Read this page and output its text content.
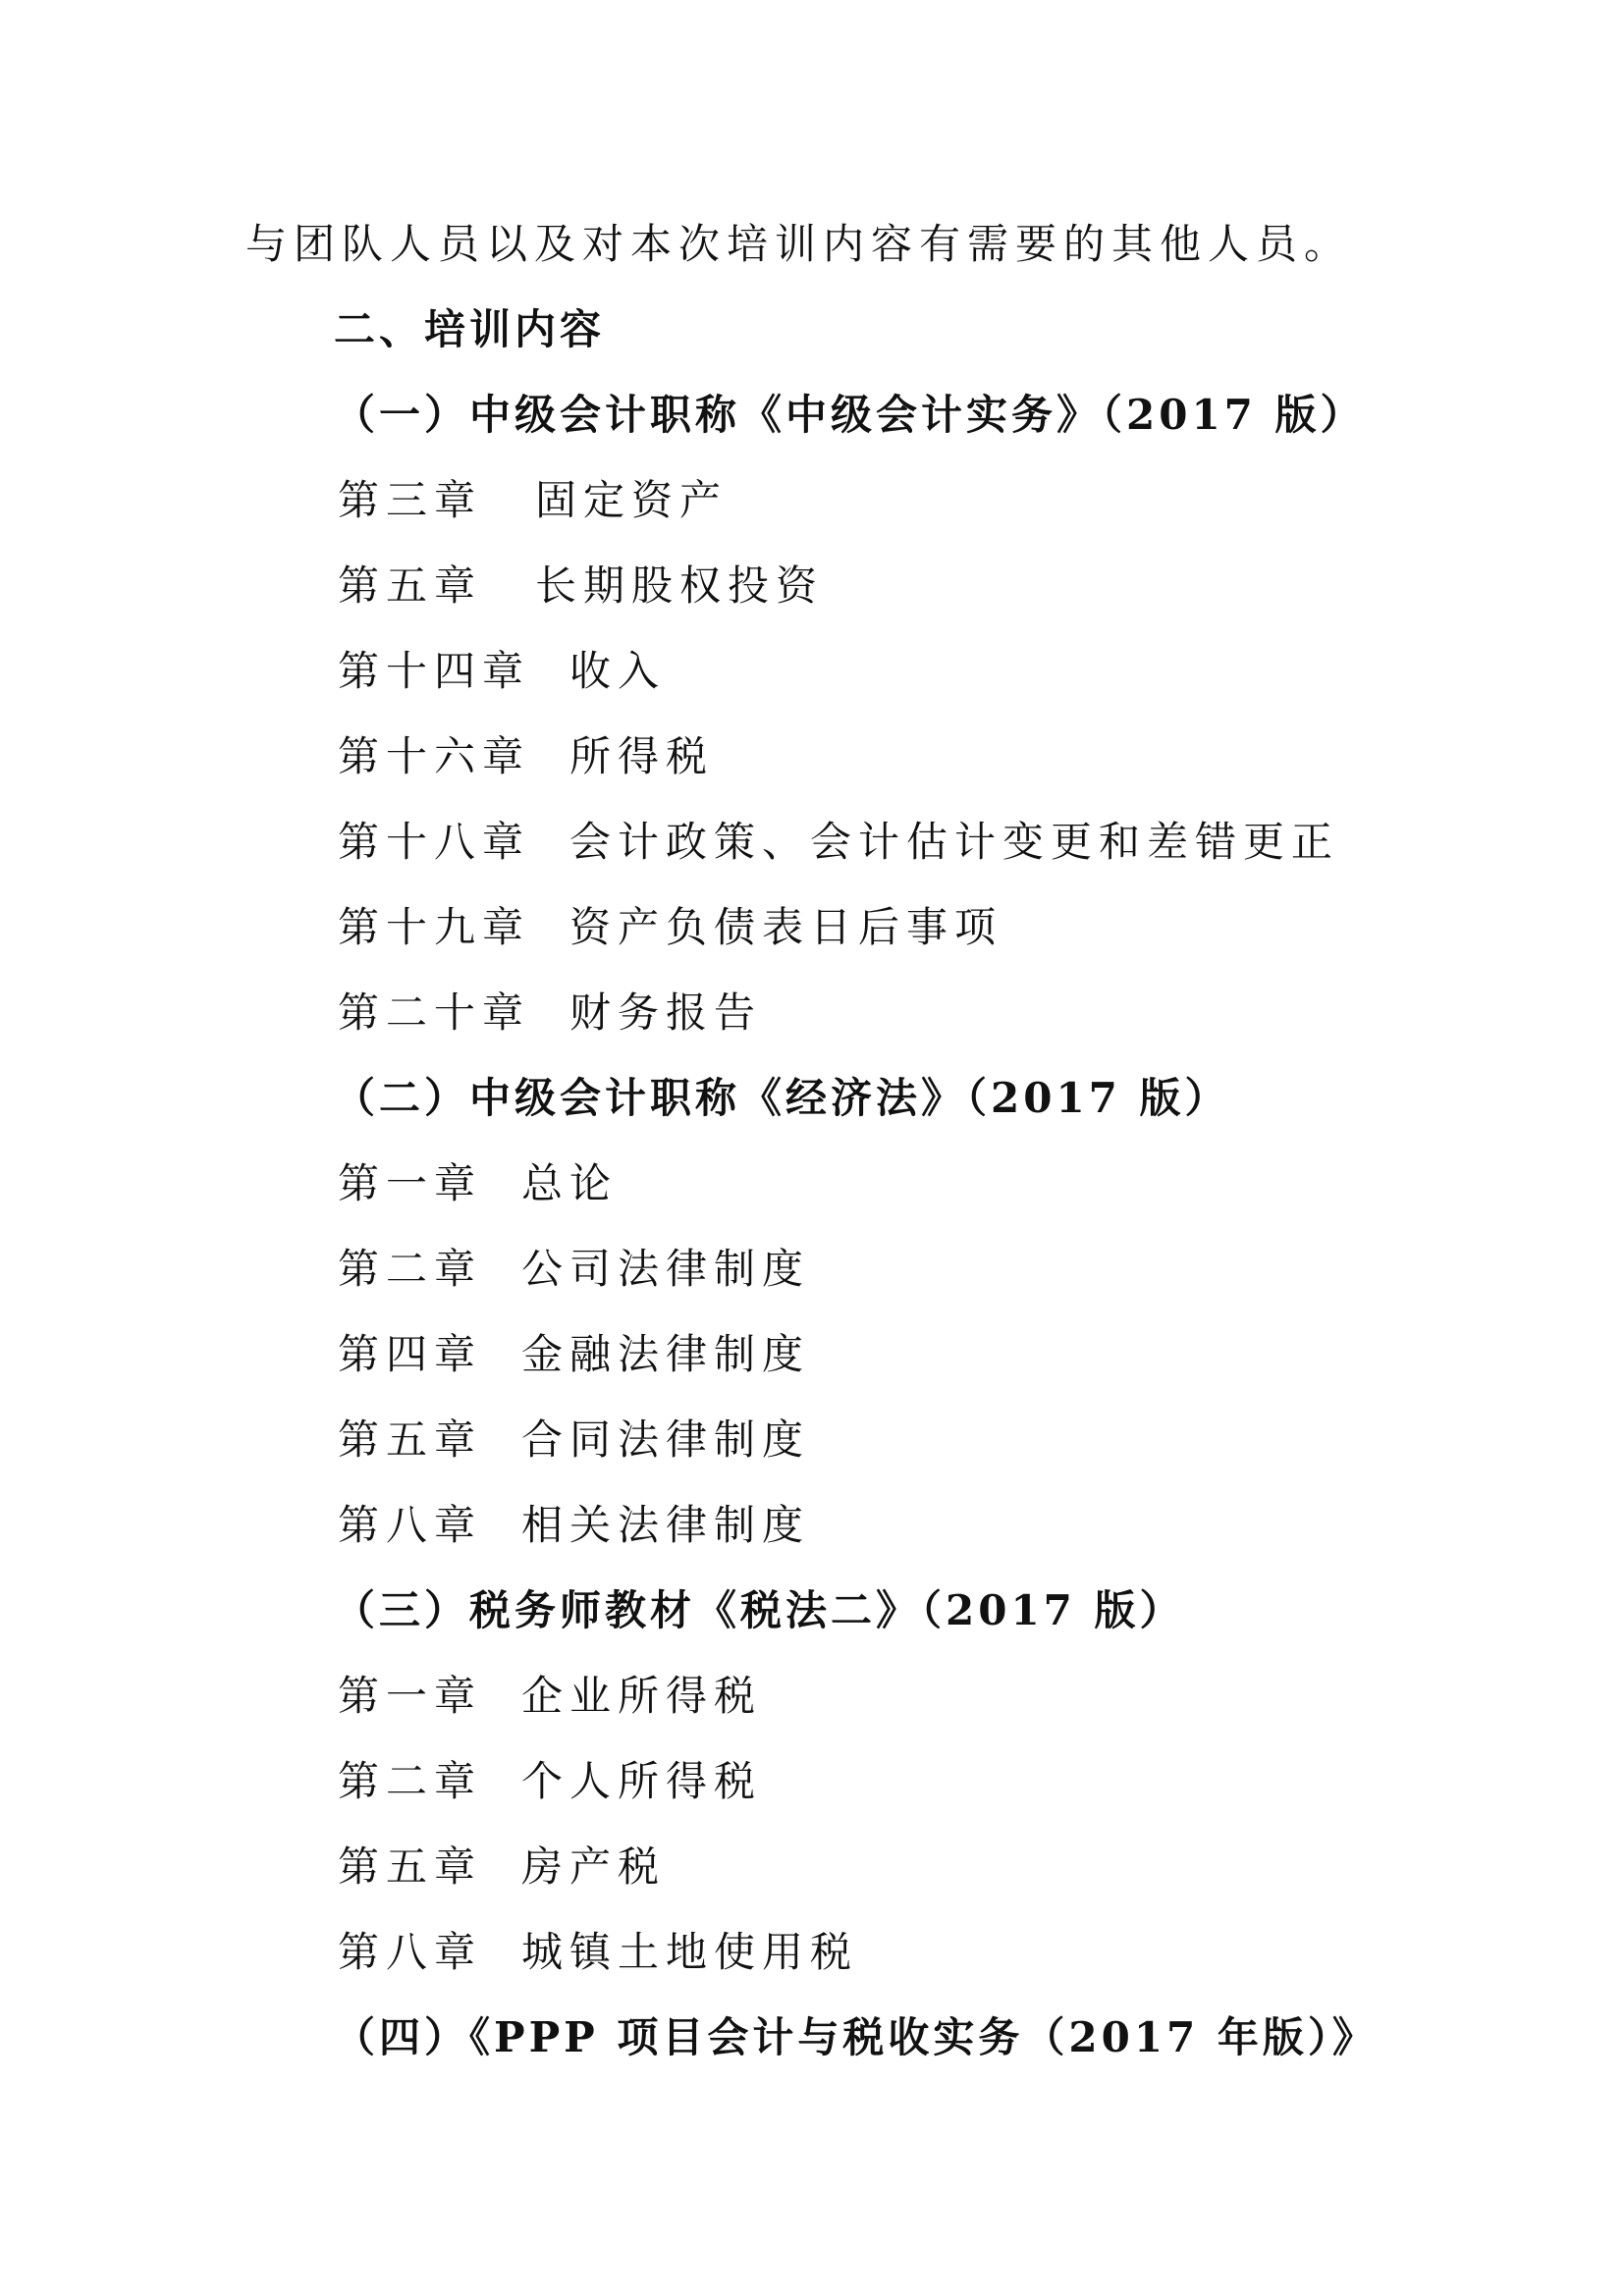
与团队人员以及对本次培训内容有需要的其他人员。
二、培训内容
（一）中级会计职称《中级会计实务》（2017 版）
第三章 固定资产
第五章 长期股权投资
第十四章 收入
第十六章 所得税
第十八章 会计政策、会计估计变更和差错更正
第十九章 资产负债表日后事项
第二十章 财务报告
（二）中级会计职称《经济法》（2017 版）
第一章 总论
第二章 公司法律制度
第四章 金融法律制度
第五章 合同法律制度
第八章 相关法律制度
（三）税务师教材《税法二》（2017 版）
第一章 企业所得税
第二章 个人所得税
第五章 房产税
第八章 城镇土地使用税
（四）《PPP 项目会计与税收实务（2017 年版）》
